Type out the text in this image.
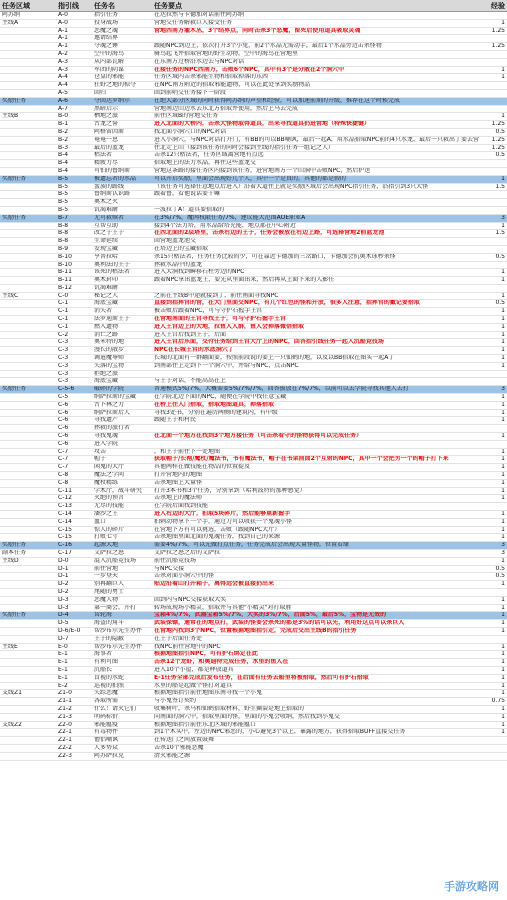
任务区域	指引线	任务名	任务要点	经验
阿苏纳	A-0	指引任务	在达拉然与卡德加对话前往阿苏纳
主线A	A-0	投身战场	营地交任务解救巨人接受任务	1
A-1	恶魔之魂	营地西南方灌木丛，3个结界点，同时击杀3个恶魔，留死后使用道具吸取灵魂	1.25
A-1	邀请结界
A-1	夺魂之锤	跟随NPC到边上，依次打开3个小兔，前2个水晶无需动手，最后1个水晶旁边击杀怪物	1.25
A-2	空中的海鸟	骑鸟起飞并拾取营地的野生动物，空中的海鸟在营地里
A-3	从内部瓦解	在东南方过桥沿水边去与NPC对话
A-3	军团的阴谋	在接任务的NPC西南方，击败6个NPC，其中有3个是分散在2个洞穴中	1
A-4	仓皇的邪能	任务区域内击杀邪能生物和拾取掉落的东西	1
A-4	狂野之地的掠夺	在NPC南方附近的拾取邪能遗物，可以在此处拿到奖励物品
A-5	回归	回到前哨交任务接下一阶段
奖励任务	A-6	夺回达罗纳尔	在绝大部分区域的同时获得阿苏纳的声望和经验，可以加速前期的升级，推荐在这个时候完成
A-7	黑暗启示	营地南边山边水去东北方拾取并使用，然后上马去完成
主线B	B-0	栖地之旅	前往区域B的营地交任务	1
B-1	古龙之誓	进入北面的大桥内，击杀大怪物取得道具，出来寻找道具扔进营地（特殊快捷键）	1.25
B-2	阿格雷因斯	找北面小洞穴口的NPC对话	0.5
B-2	奄奄一息	进入小洞穴，与NPC对话打开门，有BB的可以BB嘲讽，最后一起A，用水晶拾取NPC前的4只水龙，最后一只救出了要去营	1.25
B-3	最后的蓝龙	往北走上山（接到该任务的同时会接到主线的指引任务一组记之人）	1.25
B-4	枯法者	击杀12只枯法者，任务区域离营地有点远	0.5
B-4	精疲力尽	拾取地上的法力水晶，再往这些蓝龙交
B-4	可怕的鲁纳斯	营地这条路的接任务区内接到该任务，进营地南方一个山洞中击败NPC，然后护送
奖励任务	B-5	被遗忘者的水晶	可以开启奖励，里面会出现好几个人，其中一个是真的，其他的都是假的	1
B-5	蛮族的路线	（该任务可选择任意地点后进入）沿着大道往上就是奖励区域后会出现NPC指引任务，沿指引到3只大怪	1.5
B-5	鲁纳斯认识路	跟着鲁，看他说话要干嘛
B-5	奥术之火
B-5	饥渴难耐	一波拉丁A！道具要拾取的
奖励任务	B-7	无可救赎者	在3%/7%，魔网权限任务/7%，建议能大范围AOE职业A	3
B-8	互帮互助	接到4个法力塔，用水晶给塔充能，地点都在中心附近	1
B-8	改之子王子	在西北面的2层塔里，击杀右边的王子，任务会被放在右边上路，可选择营地2前蓝龙池	1.5
B-8	生命延续	回营地蓝龙池交
B-9	发现宝藏	在塔边上的宝藏拾取
B-10	亨普拉哈	杀15只枯法者，任务任务比较的少，可在靠近卡德加的三岔路口，卡德加会抗奥术球秒杀怪	0.5
B-10	奥利法的王子	拯救水晶中的蓝龙
B-11	该死的枯法者	进入大洞找到瞬移石柱旁边的NPC	1
B-11	奥术封印	跟着NPC拿出蓝龙王，要先从里面出来，然后再从上面下来的人影任	1
B-12	饥渴难耐
主线C	C-0	秘记之人	之前在主线B中途就接到了，前往南面寻找NPC	1
C-1	海底宝藏	直接到指挥官的营，在大门里面交NPC，有几个红色的怪和开放，很多人注意，指挥官的戴记要拾取	0.5
C-1	消失者	被击败后跟着NPC，可与守护石握手王宫	1
C-1	法罗迪斯王子	在营地南面的王宫寻找王子，可与守护石握手王宫	1
C-1	燃入遗物	进入王宫边上的大地，拉鱼人人群，鱼人会掉落微信拾取	1
C-2	消亡之路	进入王宫后找到王子，后面	1
C-3	奥米特的地	进入王宫后东面，交付任务给到王宫大厅上的NPC，回答指引线任务一起入沉船竞技场	1
C-3	漫长的散步	NPC在长城王宫的水底洞穴了	1
C-3	调遣魔导师	长城的北面有一群翻面要，按照前段说的要上一只仙鹤的地，以及以BB拾取在图头一起A了	1
C-3	失落的宝物	到南部往上走到下一个洞穴中，并给与NPC，点击NPC	1
C-3	拒绝之旅
C-3	海底宝藏	与王子对话，不能高高在上
奖励任务	C-5-6	破碎的学院	普通模式5%/7%，大概需要5%/7%/7%，回答拔放在7%/7%，以前可以去学院寻找其他人去打	3
C-5	纳萨拉斯的宝藏	在学院北边下面的NPC，随便在学院中找任意宝藏	1
C-6	古卜林之力	在桥上往入门拾取，拾取地图道具，掉落拾取	1
C-6	纳萨拉斯后人	寻找3处书，分别在遍历两侧的建筑内，有中级	1
C-6	寻找遗产	跟随王子和村民	1
C-6	拯救的旅行者
C-6	寻找鬼魂	在北面一个地方在找到3个地方接任务（可击杀看守的怪物获得可以完成任务）	1
C-6	进入学院
C-7	攻击	，和王子前往下一处地图	1
C-7	帽子	获取帽子/长袍/魔杖/魔法书，书有魔法书，帽子在书架前面2个互射的NPC，其中一个会把另一个的帽子打下来	1
C-7	闲鬼的大厅	其他两样在做技能在物品的位置提及	1
C-8	魔法之学问	打开营地内的地图	1
C-8	魔杖精练	击杀地图上大量怪	1
C-11	学术厅，战斗研究	打开3本书和3个任务，分别拿到（哈利波特的那种感觉）	1
C-12	灭绝的预言	击杀地上的魔法师	1
C-13	无尽的技能	在学院后面找到技能
C-14	潘沙之王	进入右边的大厅，拍取5块碎片，然后能够重新握手	1
C-14	血口	拍刺动物拿下一个手，通过刀可以收获一个鬼魂小怪	1
C-15	惊人的碎片	在营地下方有可以挑选，击败（跟随NPC大厅）	1
C-15	打败七寸	击杀地图里面北面的鬼魂任务，找到自己的来源	1
奖励任务	C-16	起源大地	需要4%/7%，可以先做打点任务，任务完成后会出现大量怪物，位置看缘	3
副本任务	C-17	艾萨拉之怒	艾萨拉之怒之后的艾萨拉	3
主线D	D-0	混入沉船竞技场	前往沉船竞技场	1
D-1	前往营地	与NPC交接	0.5
D-1	一步登天	击杀对面小洞穴中的怪	0.5
D-2	别再翻巨人	贴边沿着山打开箱子，离得远会被直接扔出来	1
D-2	尾随的勇士
D-3	恶魔人物	回到内与NPC交接获取大奖	1
D-3	第一商会，开打	转场成现场小精灵，拾取并与其他"小精灵"对打取胜	1
奖励任务	D-4	齿轮海	宝箱4%/7%，武器宝箱5%/7%，大奖的3%/7%，后面5%，最后5%，宝物是无效的	1
D-5	海盗的角斗	武装保镖，通常在的地点打，武装的怪要会杀死的都是3%的话可以先，利用好这点可以杀巨人	1
D-6/E-0	帮沙布尔先生办件	在营地内找到3个NPC，位置根据地图指引走，完成后交出主线B的指引任务	1
D-7	王子的隐蔽	在王子后面任务处
主线E	E-0	帮沙布尔先生办件	找NPC前往营地中的NPC	1
E-1	海事者	根据地图指引NPC，可有护石绑定在此	1
E-1	有利可图	击杀12个龙虾，和奥迪特完成任务，水里的鱼人在	1
E-1	沉船长	进入10个小屋，都是释放道具	1
E-1	盲视的水蛇	E-1任务全部完成后发布任务，在后面有任务去船里将被拾取，然后可有护石拾取	1
E-2	巡视的拍照	水里的船是起做个怪打对道具	1
支线Z1	Z1-0	失踪恶魔	根据地图指引前往地图东南寻找一个小鬼	1
Z1-1	各取所需	与小鬼签订契约	0.75
Z1-2	什么！请灭它们	收集树叶，杀马和仙鹤拾取材料，野生撕裂是地上拾取的	1
Z1-3	明码标价	向南面的洞穴中，拾取里面的怪，里面的小鬼会收纳，然后找到小鬼交	1
支线Z2	Z2-0	邪能瘟疫	根据地图指引前往东北区域的邪能瘟口	1
Z2-1	有毒物件	到1个木头中，左边的NPC邪恶的，小心避免3个以上，暴露的地方，获得拾取BUFF直接交任务	1
Z2-1	僧侣嘲讽	在传送门之间放置鼓舞
Z2-2	人多势众	击杀10个邪能恶魔
Z2-3	阿苏萨拉克	清灭邪能之源
手游攻略网
